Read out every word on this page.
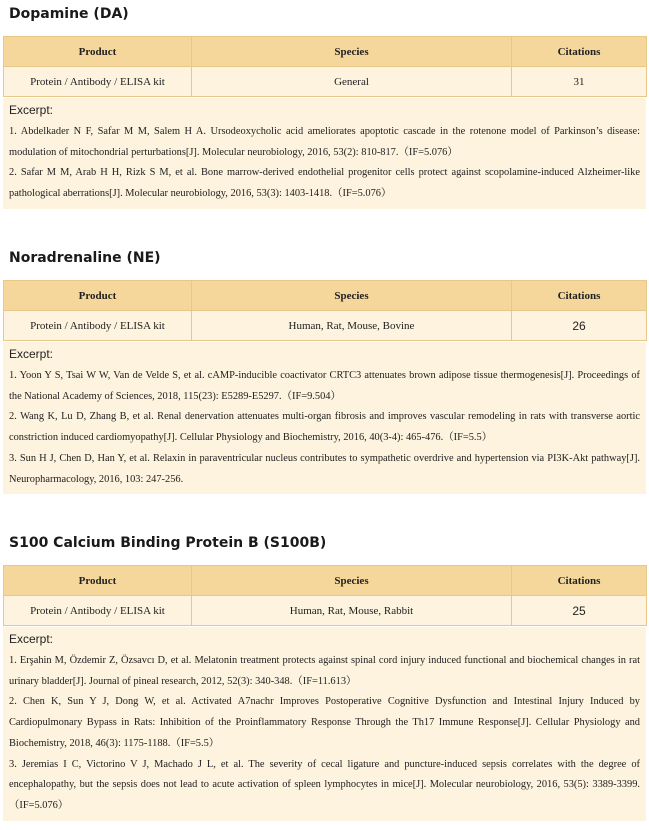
Dopamine (DA)
Product	Species	Citations
Protein / Antibody / ELISA kit	General	31
Excerpt:

1. Abdelkader N F, Safar M M, Salem H A. Ursodeoxycholic acid ameliorates apoptotic cascade in the rotenone model of Parkinson’s disease: modulation of mitochondrial perturbations[J]. Molecular neurobiology, 2016, 53(2): 810-817.（IF=5.076）

2. Safar M M, Arab H H, Rizk S M, et al. Bone marrow-derived endothelial progenitor cells protect against scopolamine-induced Alzheimer-like pathological aberrations[J]. Molecular neurobiology, 2016, 53(3): 1403-1418.（IF=5.076）

Noradrenaline (NE)
Product	Species	Citations
Protein / Antibody / ELISA kit	Human, Rat, Mouse, Bovine	26
Excerpt:

1. Yoon Y S, Tsai W W, Van de Velde S, et al. cAMP-inducible coactivator CRTC3 attenuates brown adipose tissue thermogenesis[J]. Proceedings of the National Academy of Sciences, 2018, 115(23): E5289-E5297.（IF=9.504）

2. Wang K, Lu D, Zhang B, et al. Renal denervation attenuates multi-organ fibrosis and improves vascular remodeling in rats with transverse aortic constriction induced cardiomyopathy[J]. Cellular Physiology and Biochemistry, 2016, 40(3-4): 465-476.（IF=5.5）

3. Sun H J, Chen D, Han Y, et al. Relaxin in paraventricular nucleus contributes to sympathetic overdrive and hypertension via PI3K-Akt pathway[J]. Neuropharmacology, 2016, 103: 247-256.

S100 Calcium Binding Protein B (S100B)
Product	Species	Citations
Protein / Antibody / ELISA kit	Human, Rat, Mouse, Rabbit	25
Excerpt:

1. Erşahin M, Özdemir Z, Özsavcı D, et al. Melatonin treatment protects against spinal cord injury induced functional and biochemical changes in rat urinary bladder[J]. Journal of pineal research, 2012, 52(3): 340-348.（IF=11.613）

2. Chen K, Sun Y J, Dong W, et al. Activated Α7nachr Improves Postoperative Cognitive Dysfunction and Intestinal Injury Induced by Cardiopulmonary Bypass in Rats: Inhibition of the Proinflammatory Response Through the Th17 Immune Response[J]. Cellular Physiology and Biochemistry, 2018, 46(3): 1175-1188.（IF=5.5）

3. Jeremias I C, Victorino V J, Machado J L, et al. The severity of cecal ligature and puncture-induced sepsis correlates with the degree of encephalopathy, but the sepsis does not lead to acute activation of spleen lymphocytes in mice[J]. Molecular neurobiology, 2016, 53(5): 3389-3399.（IF=5.076）
